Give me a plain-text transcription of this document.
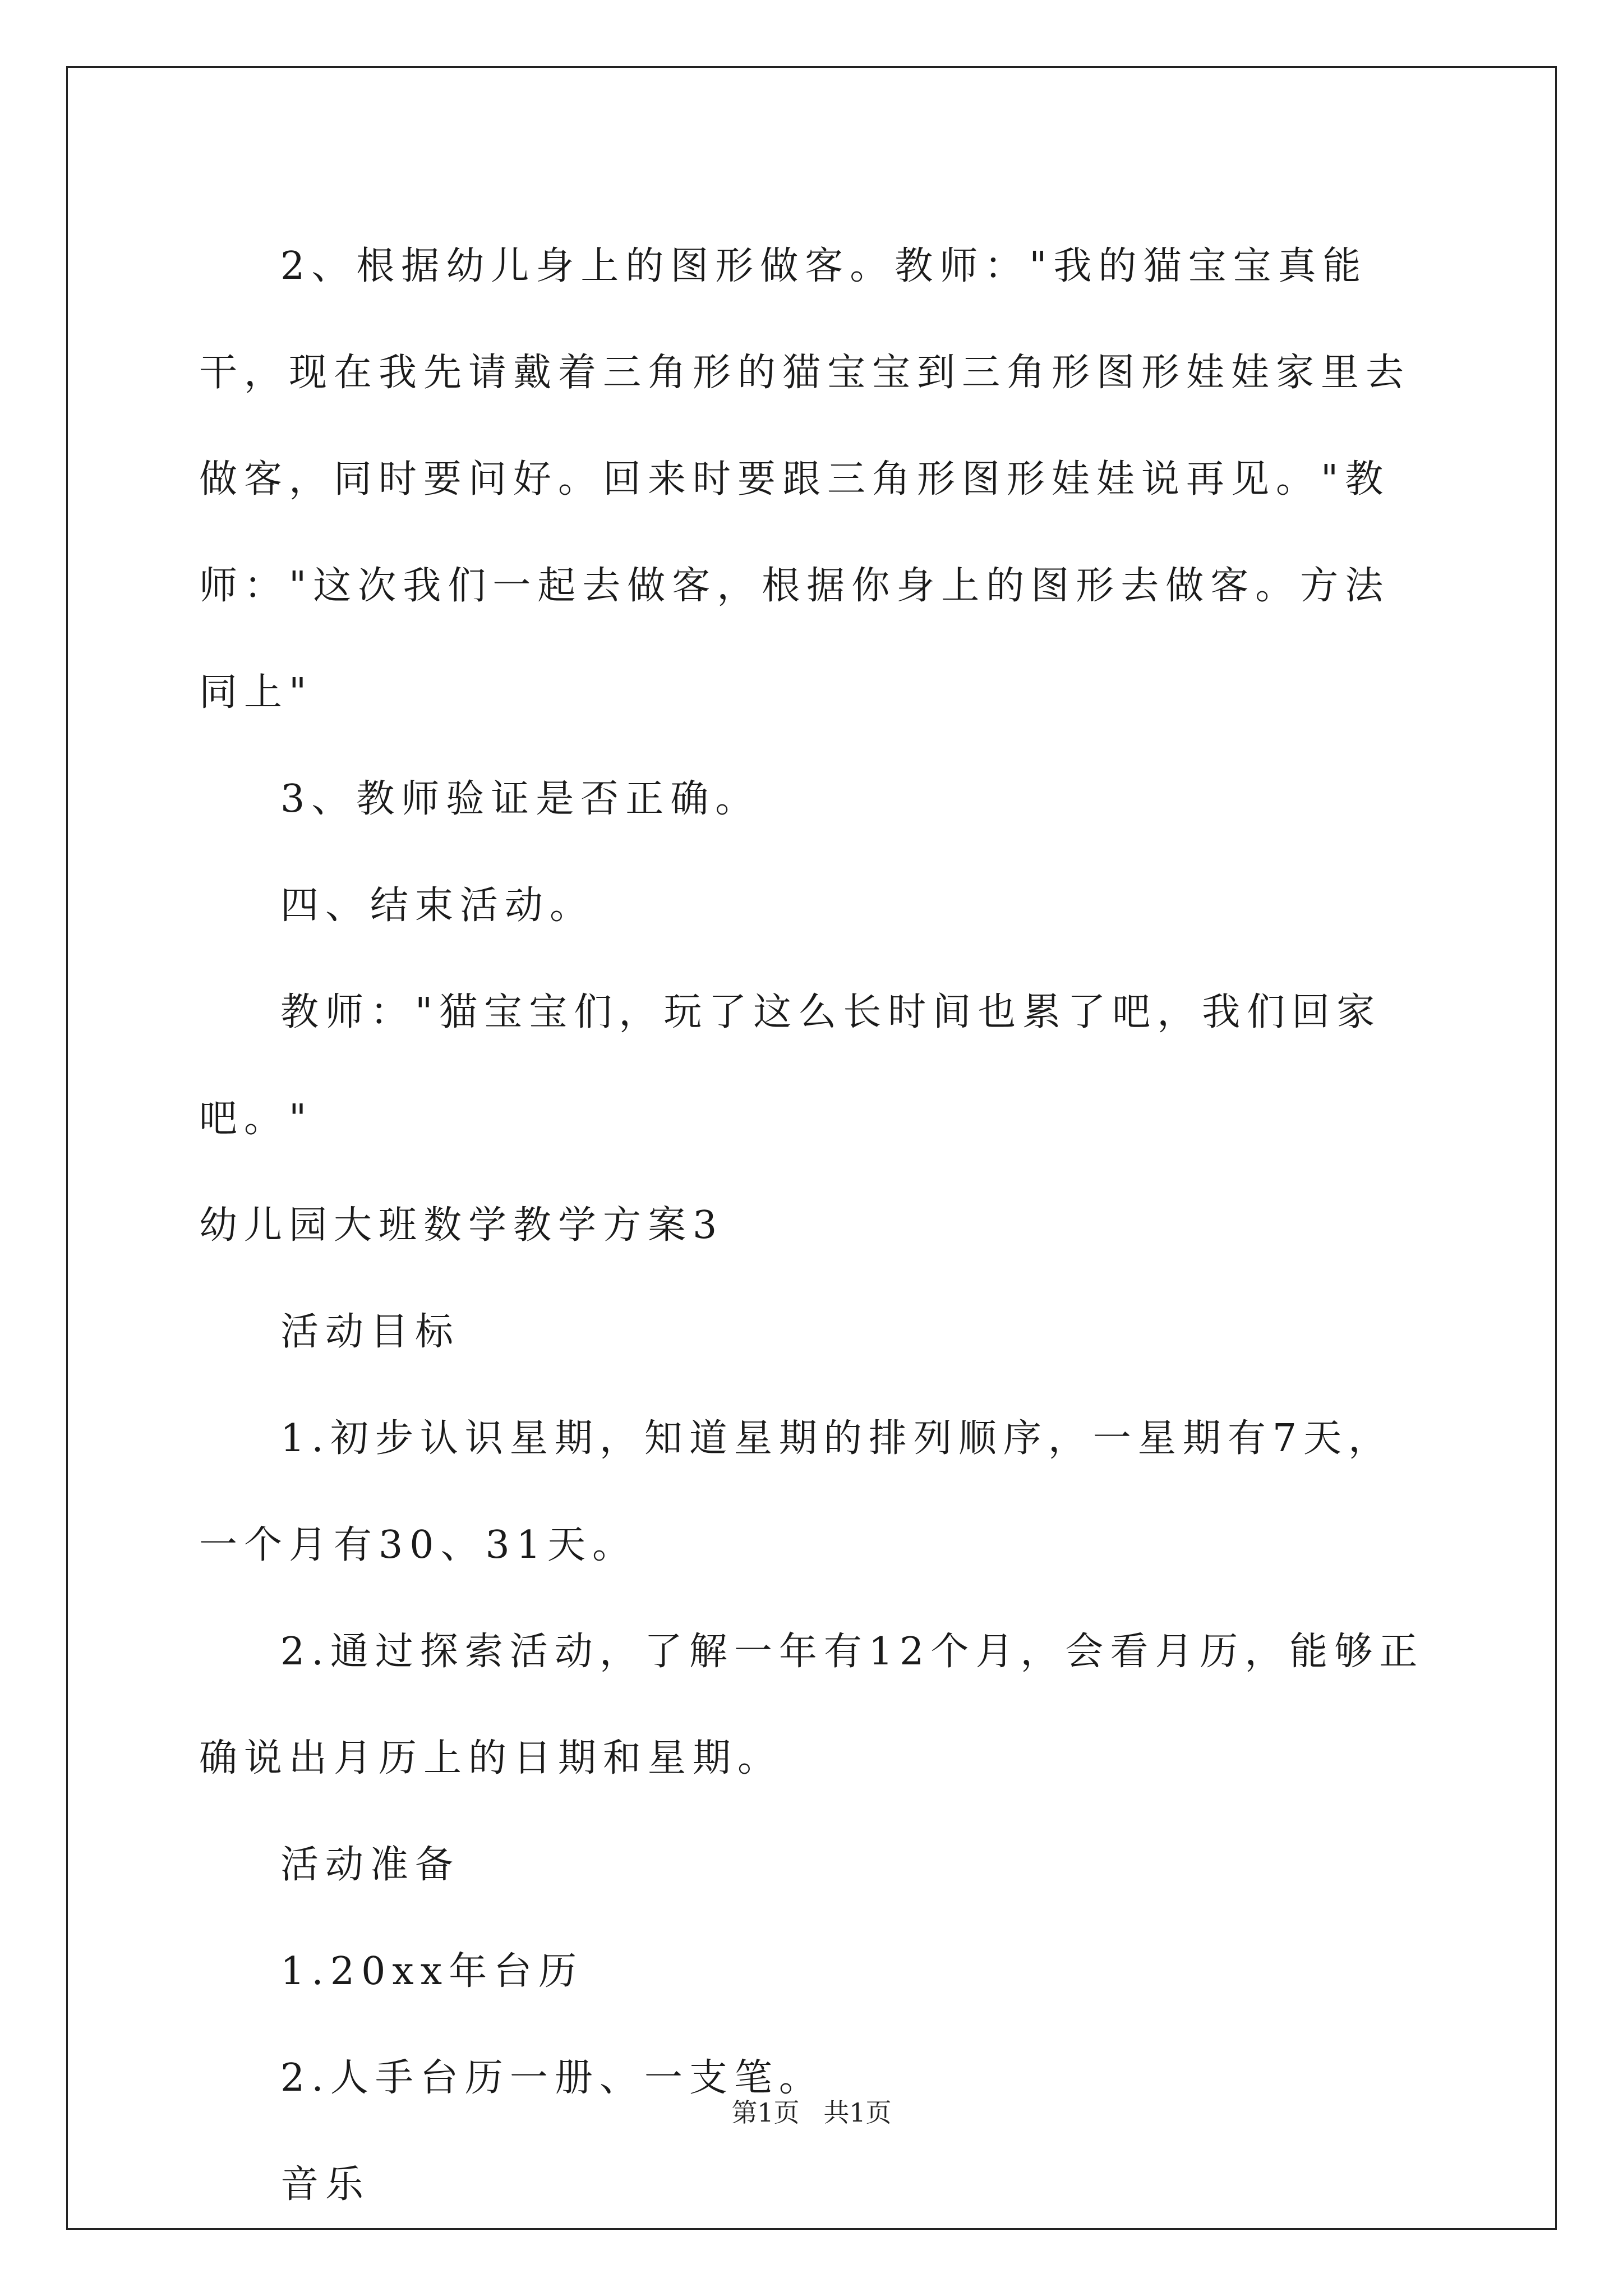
2、根据幼儿身上的图形做客。教师："我的猫宝宝真能干，现在我先请戴着三角形的猫宝宝到三角形图形娃娃家里去做客，同时要问好。回来时要跟三角形图形娃娃说再见。"教师："这次我们一起去做客，根据你身上的图形去做客。方法同上"

3、教师验证是否正确。

四、结束活动。

教师："猫宝宝们，玩了这么长时间也累了吧，我们回家吧。"

幼儿园大班数学教学方案3

活动目标

1.初步认识星期，知道星期的排列顺序，一星期有7天，一个月有30、31天。

2.通过探索活动，了解一年有12个月，会看月历，能够正确说出月历上的日期和星期。

活动准备

1.20xx年台历

2.人手台历一册、一支笔。

音乐

第1页 共1页
